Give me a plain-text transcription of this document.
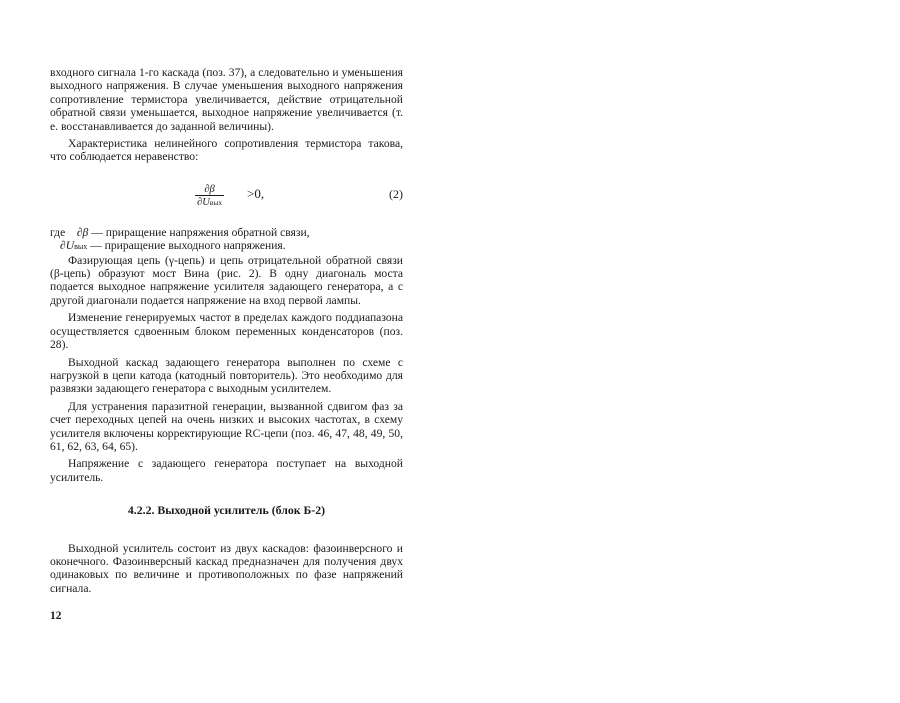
входного сигнала 1-го каскада (поз. 37), а следовательно и уменьшения выходного напряжения. В случае уменьшения выходного напряжения сопротивление термистора увеличивается, действие отрицательной обратной связи уменьшается, выходное напряжение увеличивается (т. е. восстанавливается до заданной величины).

Характеристика нелинейного сопротивления термистора такова, что соблюдается неравенство:

∂β
∂Uвых
>0,	(2)
где ∂β — приращение напряжения обратной связи,
∂Uвых — приращение выходного напряжения.

Фазирующая цепь (γ-цепь) и цепь отрицательной обратной связи (β-цепь) образуют мост Вина (рис. 2). В одну диагональ моста подается выходное напряжение усилителя задающего генератора, а с другой диагонали подается напряжение на вход первой лампы.

Изменение генерируемых частот в пределах каждого поддиапазона осуществляется сдвоенным блоком переменных конденсаторов (поз. 28).

Выходной каскад задающего генератора выполнен по схеме с нагрузкой в цепи катода (катодный повторитель). Это необходимо для развязки задающего генератора с выходным усилителем.

Для устранения паразитной генерации, вызванной сдвигом фаз за счет переходных цепей на очень низких и высоких частотах, в схему усилителя включены корректирующие RC-цепи (поз. 46, 47, 48, 49, 50, 61, 62, 63, 64, 65).

Напряжение с задающего генератора поступает на выходной усилитель.

4.2.2. Выходной усилитель (блок Б-2)

Выходной усилитель состоит из двух каскадов: фазоинверсного и оконечного. Фазоинверсный каскад предназначен для получения двух одинаковых по величине и противоположных по фазе напряжений сигнала.

12
